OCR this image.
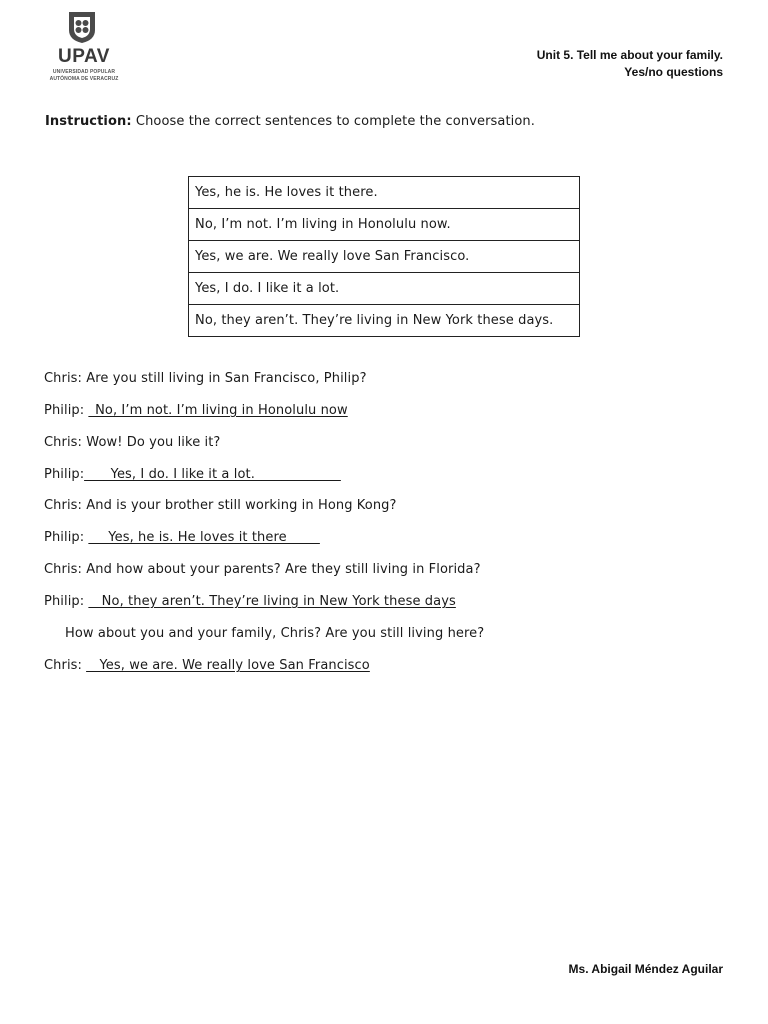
UPAV
UNIVERSIDAD POPULAR
AUTÓNOMA DE VERACRUZ
Unit 5. Tell me about your family.
Yes/no questions
Instruction: Choose the correct sentences to complete the conversation.
Yes, he is. He loves it there.
No, I’m not. I’m living in Honolulu now.
Yes, we are. We really love San Francisco.
Yes, I do. I like it a lot.
No, they aren’t. They’re living in New York these days.
Chris: Are you still living in San Francisco, Philip?
Philip: _No, I’m not. I’m living in Honolulu now
Chris: Wow! Do you like it?
Philip:____Yes, I do. I like it a lot._____________
Chris: And is your brother still working in Hong Kong?
Philip: ___Yes, he is. He loves it there_____
Chris: And how about your parents? Are they still living in Florida?
Philip: __No, they aren’t. They’re living in New York these days
How about you and your family, Chris? Are you still living here?
Chris: __Yes, we are. We really love San Francisco
Ms. Abigail Méndez Aguilar
